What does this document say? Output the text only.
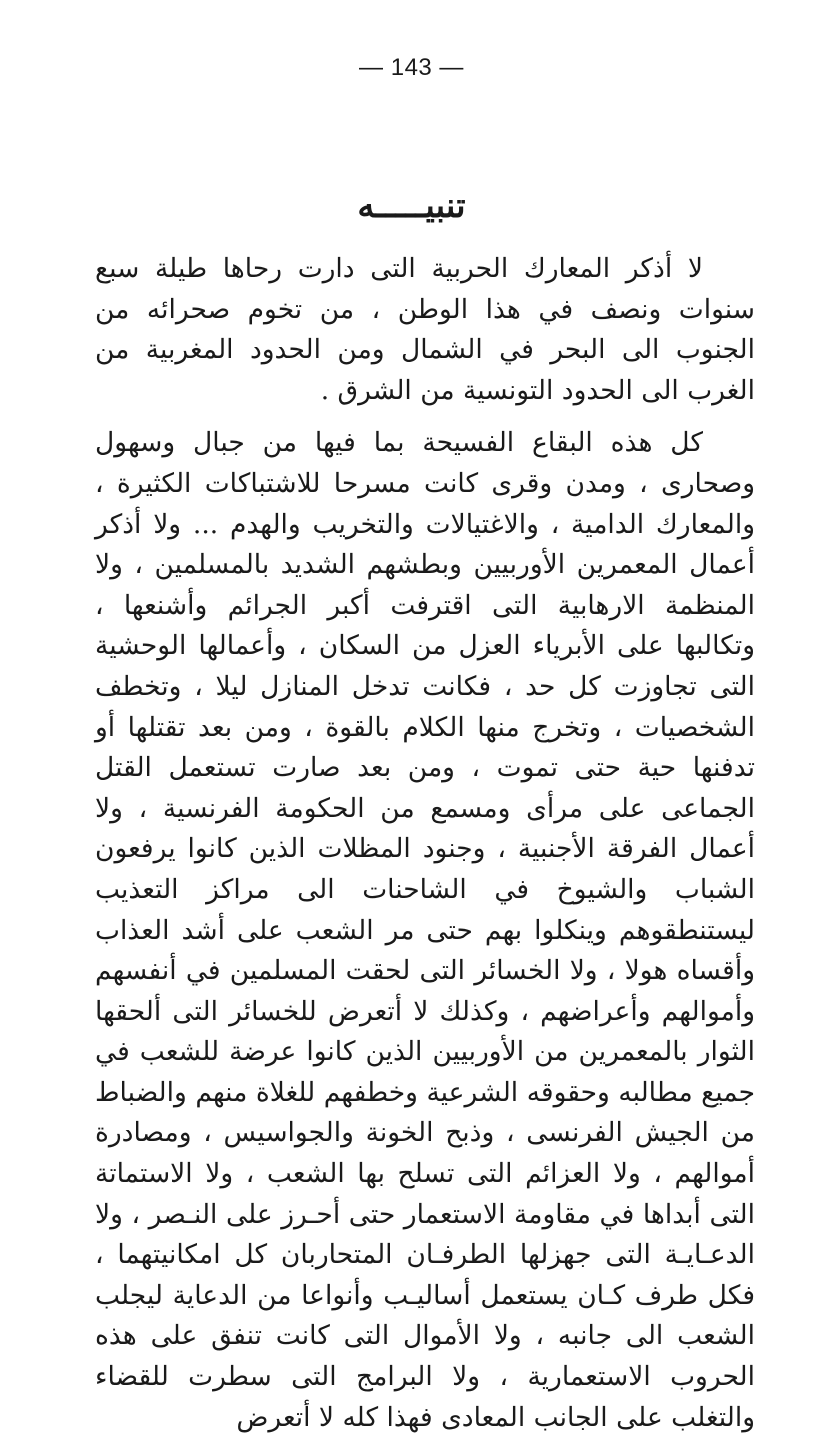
— 143 —
تنبيـــــه

لا أذكر المعارك الحربية التى دارت رحاها طيلة سبع سنوات ونصف في هذا الوطن ، من تخوم صحرائه من الجنوب الى البحر في الشمال ومن الحدود المغربية من الغرب الى الحدود التونسية من الشرق .

كل هذه البقاع الفسيحة بما فيها من جبال وسهول وصحارى ، ومدن وقرى كانت مسرحا للاشتباكات الكثيرة ، والمعارك الدامية ، والاغتيالات والتخريب والهدم ... ولا أذكر أعمال المعمرين الأوربيين وبطشهم الشديد بالمسلمين ، ولا المنظمة الارهابية التى اقترفت أكبر الجرائم وأشنعها ، وتكالبها على الأبرياء العزل من السكان ، وأعمالها الوحشية التى تجاوزت كل حد ، فكانت تدخل المنازل ليلا ، وتخطف الشخصيات ، وتخرج منها الكلام بالقوة ، ومن بعد تقتلها أو تدفنها حية حتى تموت ، ومن بعد صارت تستعمل القتل الجماعى على مرأى ومسمع من الحكومة الفرنسية ، ولا أعمال الفرقة الأجنبية ، وجنود المظلات الذين كانوا يرفعون الشباب والشيوخ في الشاحنات الى مراكز التعذيب ليستنطقوهم وينكلوا بهم حتى مر الشعب على أشد العذاب وأقساه هولا ، ولا الخسائر التى لحقت المسلمين في أنفسهم وأموالهم وأعراضهم ، وكذلك لا أتعرض للخسائر التى ألحقها الثوار بالمعمرين من الأوربيين الذين كانوا عرضة للشعب في جميع مطالبه وحقوقه الشرعية وخطفهم للغلاة منهم والضباط من الجيش الفرنسى ، وذبح الخونة والجواسيس ، ومصادرة أموالهم ، ولا العزائم التى تسلح بها الشعب ، ولا الاستماتة التى أبداها في مقاومة الاستعمار حتى أحـرز على النـصر ، ولا الدعـايـة التى جهزلها الطرفـان المتحاربان كل امكانيتهما ، فكل طرف كـان يستعمل أساليـب وأنواعا من الدعاية ليجلب الشعب الى جانبه ، ولا الأموال التى كانت تنفق على هذه الحروب الاستعمارية ، ولا البرامج التى سطرت للقضاء والتغلب على الجانب المعادى فهذا كله لا أتعرض
